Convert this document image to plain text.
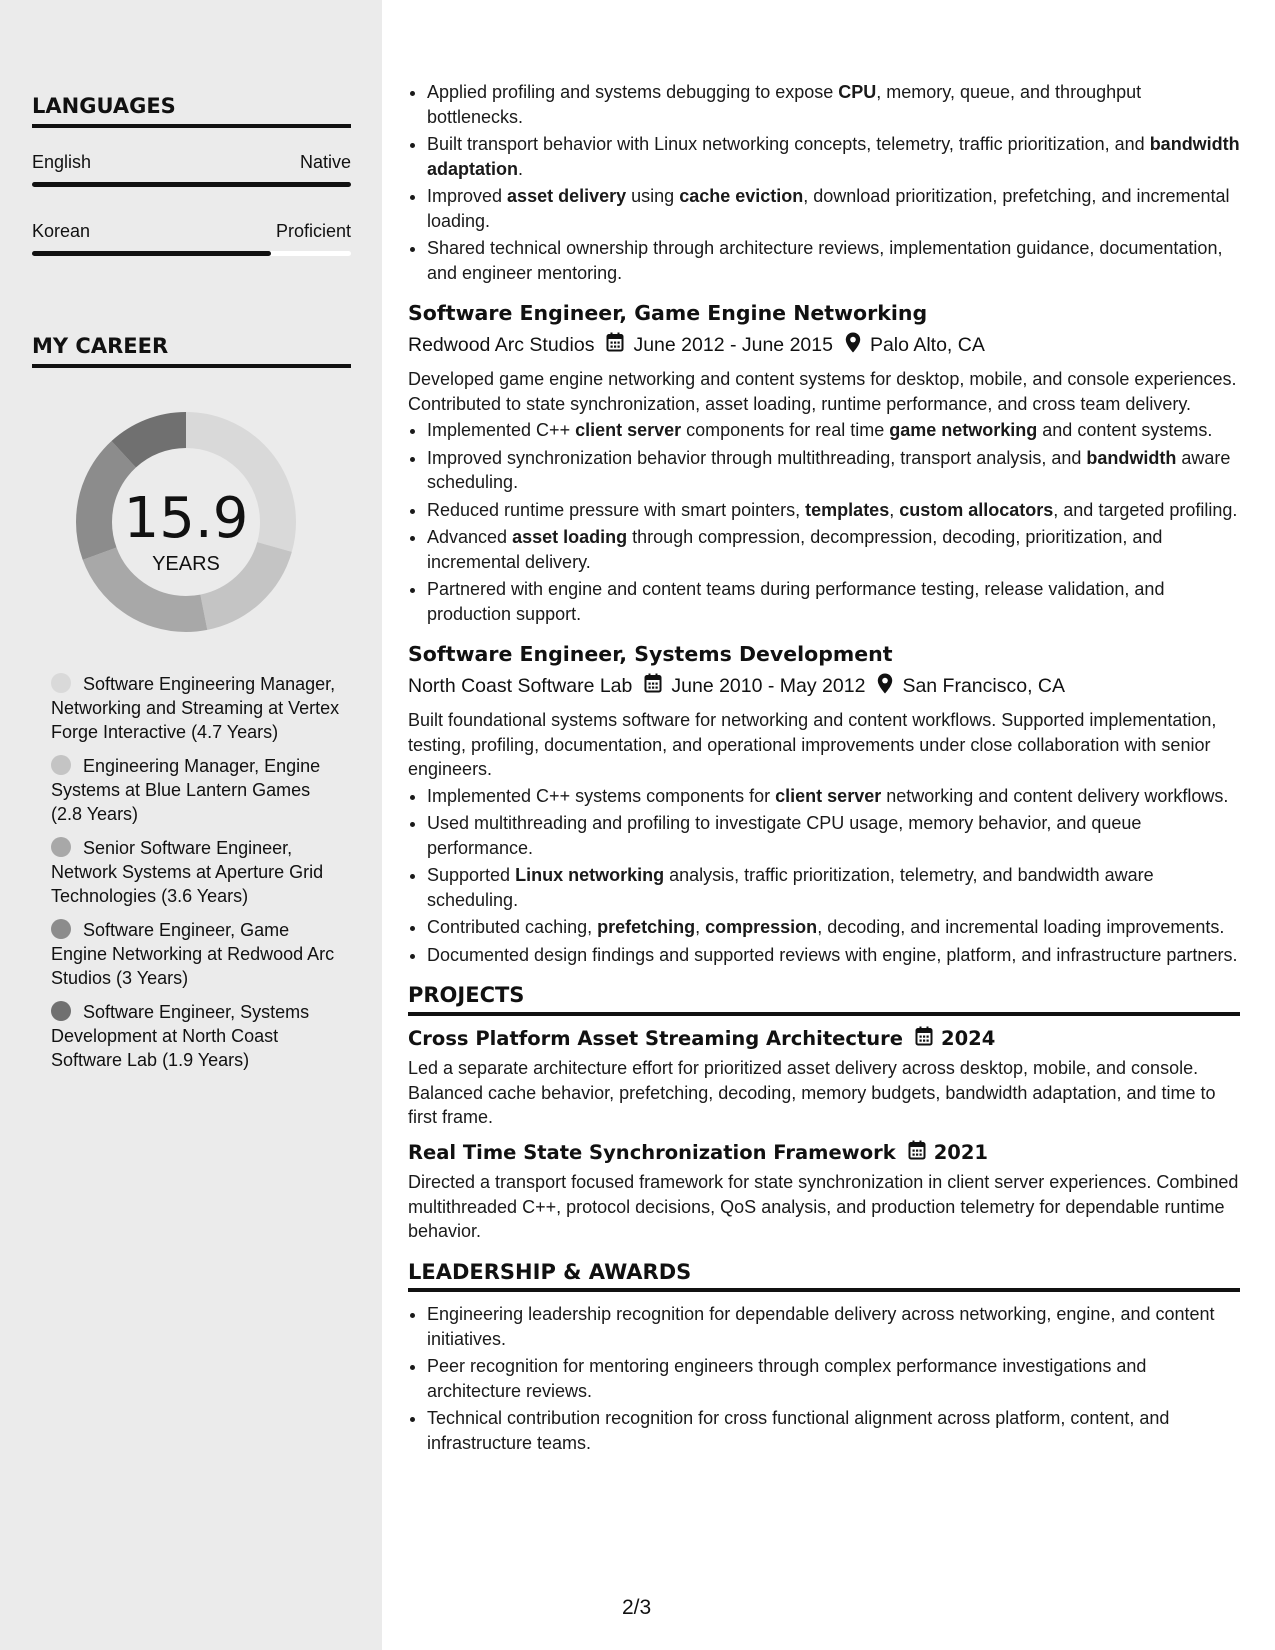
LANGUAGES
English	Native
Korean	Proficient
MY CAREER
15.9
YEARS
Software Engineering Manager, Networking and Streaming at Vertex Forge Interactive (4.7 Years)
Engineering Manager, Engine Systems at Blue Lantern Games (2.8 Years)
Senior Software Engineer, Network Systems at Aperture Grid Technologies (3.6 Years)
Software Engineer, Game Engine Networking at Redwood Arc Studios (3 Years)
Software Engineer, Systems Development at North Coast Software Lab (1.9 Years)
• Applied profiling and systems debugging to expose CPU, memory, queue, and throughput bottlenecks.
• Built transport behavior with Linux networking concepts, telemetry, traffic prioritization, and bandwidth adaptation.
• Improved asset delivery using cache eviction, download prioritization, prefetching, and incremental loading.
• Shared technical ownership through architecture reviews, implementation guidance, documentation, and engineer mentoring.
Software Engineer, Game Engine Networking
Redwood Arc Studios June 2012 - June 2015 Palo Alto, CA

Developed game engine networking and content systems for desktop, mobile, and console experiences. Contributed to state synchronization, asset loading, runtime performance, and cross team delivery.

• Implemented C++ client server components for real time game networking and content systems.
• Improved synchronization behavior through multithreading, transport analysis, and bandwidth aware scheduling.
• Reduced runtime pressure with smart pointers, templates, custom allocators, and targeted profiling.
• Advanced asset loading through compression, decompression, decoding, prioritization, and incremental delivery.
• Partnered with engine and content teams during performance testing, release validation, and production support.
Software Engineer, Systems Development
North Coast Software Lab June 2010 - May 2012 San Francisco, CA

Built foundational systems software for networking and content workflows. Supported implementation, testing, profiling, documentation, and operational improvements under close collaboration with senior engineers.

• Implemented C++ systems components for client server networking and content delivery workflows.
• Used multithreading and profiling to investigate CPU usage, memory behavior, and queue performance.
• Supported Linux networking analysis, traffic prioritization, telemetry, and bandwidth aware scheduling.
• Contributed caching, prefetching, compression, decoding, and incremental loading improvements.
• Documented design findings and supported reviews with engine, platform, and infrastructure partners.
PROJECTS
Cross Platform Asset Streaming Architecture 2024

Led a separate architecture effort for prioritized asset delivery across desktop, mobile, and console. Balanced cache behavior, prefetching, decoding, memory budgets, bandwidth adaptation, and time to first frame.

Real Time State Synchronization Framework 2021

Directed a transport focused framework for state synchronization in client server experiences. Combined multithreaded C++, protocol decisions, QoS analysis, and production telemetry for dependable runtime behavior.

LEADERSHIP & AWARDS
• Engineering leadership recognition for dependable delivery across networking, engine, and content initiatives.
• Peer recognition for mentoring engineers through complex performance investigations and architecture reviews.
• Technical contribution recognition for cross functional alignment across platform, content, and infrastructure teams.
2/3
